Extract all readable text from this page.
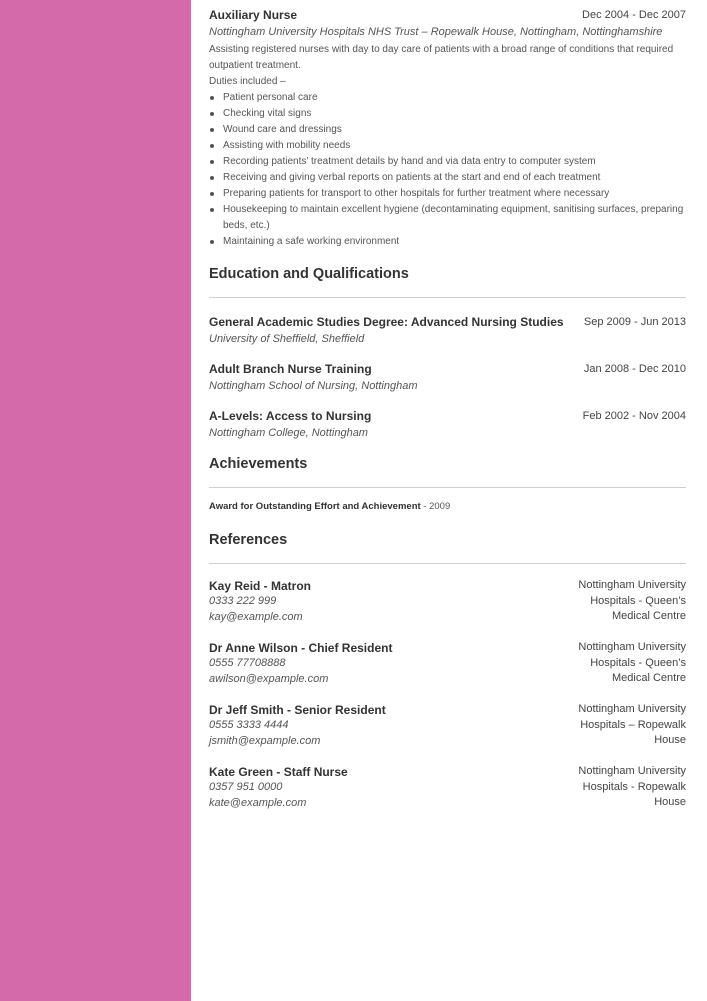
Auxiliary Nurse	Dec 2004 - Dec 2007
Nottingham University Hospitals NHS Trust – Ropewalk House, Nottingham, Nottinghamshire
Assisting registered nurses with day to day care of patients with a broad range of conditions that required outpatient treatment.
Duties included –
Patient personal care
Checking vital signs
Wound care and dressings
Assisting with mobility needs
Recording patients’ treatment details by hand and via data entry to computer system
Receiving and giving verbal reports on patients at the start and end of each treatment
Preparing patients for transport to other hospitals for further treatment where necessary
Housekeeping to maintain excellent hygiene (decontaminating equipment, sanitising surfaces, preparing beds, etc.)
Maintaining a safe working environment
Education and Qualifications
General Academic Studies Degree: Advanced Nursing Studies Sep 2009 - Jun 2013
University of Sheffield, Sheffield
Adult Branch Nurse Training	Jan 2008 - Dec 2010
Nottingham School of Nursing, Nottingham
A-Levels: Access to Nursing	Feb 2002 - Nov 2004
Nottingham College, Nottingham
Achievements
Award for Outstanding Effort and Achievement - 2009
References
Kay Reid - Matron
0333 222 999
kay@example.com
Nottingham University Hospitals - Queen’s Medical Centre
Dr Anne Wilson - Chief Resident
0555 77708888
awilson@expample.com
Nottingham University Hospitals - Queen’s Medical Centre
Dr Jeff Smith - Senior Resident
0555 3333 4444
jsmith@expample.com
Nottingham University Hospitals – Ropewalk House
Kate Green - Staff Nurse
0357 951 0000
kate@example.com
Nottingham University Hospitals - Ropewalk House
